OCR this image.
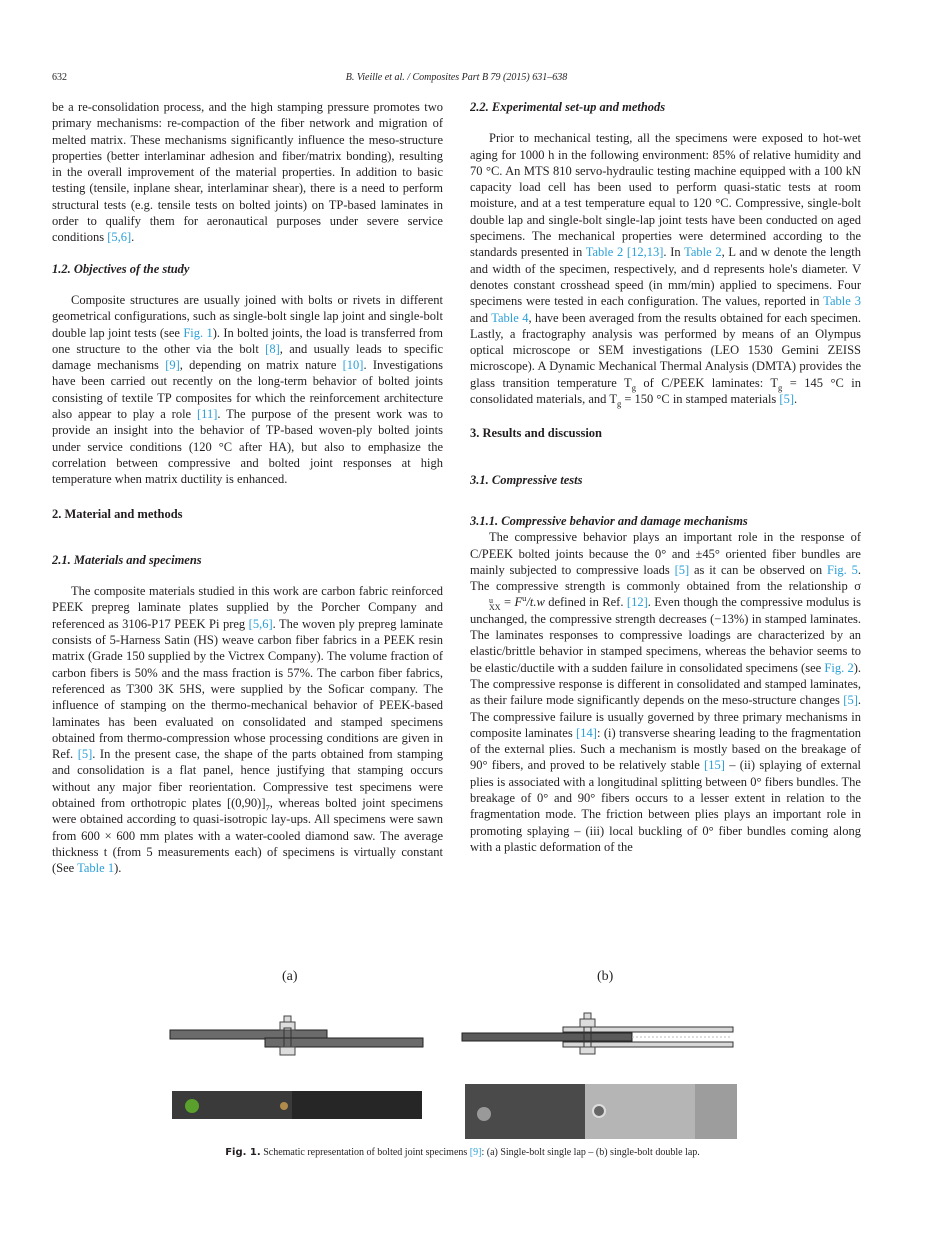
632	B. Vieille et al. / Composites Part B 79 (2015) 631–638

be a re-consolidation process, and the high stamping pressure promotes two primary mechanisms: re-compaction of the fiber network and migration of melted matrix. These mechanisms significantly influence the meso-structure properties (better interlaminar adhesion and fiber/matrix bonding), resulting in the overall improvement of the material properties. In addition to basic testing (tensile, inplane shear, interlaminar shear), there is a need to perform structural tests (e.g. tensile tests on bolted joints) on TP-based laminates in order to qualify them for aeronautical purposes under severe service conditions [5,6].

1.2. Objectives of the study

Composite structures are usually joined with bolts or rivets in different geometrical configurations, such as single-bolt single lap joint and single-bolt double lap joint tests (see Fig. 1). In bolted joints, the load is transferred from one structure to the other via the bolt [8], and usually leads to specific damage mechanisms [9], depending on matrix nature [10]. Investigations have been carried out recently on the long-term behavior of bolted joints consisting of textile TP composites for which the reinforcement architecture also appear to play a role [11]. The purpose of the present work was to provide an insight into the behavior of TP-based woven-ply bolted joints under service conditions (120 °C after HA), but also to emphasize the correlation between compressive and bolted joint responses at high temperature when matrix ductility is enhanced.

2. Material and methods
2.1. Materials and specimens

The composite materials studied in this work are carbon fabric reinforced PEEK prepreg laminate plates supplied by the Porcher Company and referenced as 3106-P17 PEEK Pi preg [5,6]. The woven ply prepreg laminate consists of 5-Harness Satin (HS) weave carbon fiber fabrics in a PEEK resin matrix (Grade 150 supplied by the Victrex Company). The volume fraction of carbon fibers is 50% and the mass fraction is 57%. The carbon fiber fabrics, referenced as T300 3K 5HS, were supplied by the Soficar company. The influence of stamping on the thermo-mechanical behavior of PEEK-based laminates has been evaluated on consolidated and stamped specimens obtained from thermo-compression whose processing conditions are given in Ref. [5]. In the present case, the shape of the parts obtained from stamping and consolidation is a flat panel, hence justifying that stamping occurs without any major fiber reorientation. Compressive test specimens were obtained from orthotropic plates $[(0,90)]_7$, whereas bolted joint specimens were obtained according to quasi-isotropic lay-ups. All specimens were sawn from 600 × 600 mm plates with a water-cooled diamond saw. The average thickness t (from 5 measurements each) of specimens is virtually constant (See Table 1).

2.2. Experimental set-up and methods

Prior to mechanical testing, all the specimens were exposed to hot-wet aging for 1000 h in the following environment: 85% of relative humidity and 70 °C. An MTS 810 servo-hydraulic testing machine equipped with a 100 kN capacity load cell has been used to perform quasi-static tests at room moisture, and at a test temperature equal to 120 °C. Compressive, single-bolt double lap and single-bolt single-lap joint tests have been conducted on aged specimens. The mechanical properties were determined according to the standards presented in Table 2 [12,13]. In Table 2, L and w denote the length and width of the specimen, respectively, and d represents hole's diameter. V denotes constant crosshead speed (in mm/min) applied to specimens. Four specimens were tested in each configuration. The values, reported in Table 3 and Table 4, have been averaged from the results obtained for each specimen. Lastly, a fractography analysis was performed by means of an Olympus optical microscope or SEM investigations (LEO 1530 Gemini ZEISS microscope). A Dynamic Mechanical Thermal Analysis (DMTA) provides the glass transition temperature $T_g$ of C/PEEK laminates: $T_g = 145$ °C in consolidated materials, and $T_g = 150$ °C in stamped materials [5].

3. Results and discussion
3.1. Compressive tests
3.1.1. Compressive behavior and damage mechanisms

The compressive behavior plays an important role in the response of C/PEEK bolted joints because the 0° and ±45° oriented fiber bundles are mainly subjected to compressive loads [5] as it can be observed on Fig. 5. The compressive strength is commonly obtained from the relationship σ
u
XX = $F^u/t.w$ defined in Ref. [12]. Even though the compressive modulus is unchanged, the compressive strength decreases (−13%) in stamped laminates. The laminates responses to compressive loadings are characterized by an elastic/brittle behavior in stamped specimens, whereas the behavior seems to be elastic/ductile with a sudden failure in consolidated specimens (see Fig. 2). The compressive response is different in consolidated and stamped laminates, as their failure mode significantly depends on the meso-structure changes [5]. The compressive failure is usually governed by three primary mechanisms in composite laminates [14]: (i) transverse shearing leading to the fragmentation of the external plies. Such a mechanism is mostly based on the breakage of 90° fibers, and proved to be relatively stable [15] – (ii) splaying of external plies is associated with a longitudinal splitting between 0° fibers bundles. The breakage of 0° and 90° fibers occurs to a lesser extent in relation to the fragmentation mode. The friction between plies plays an important role in promoting splaying – (iii) local buckling of 0° fiber bundles coming along with a plastic deformation of the

(a)	(b)
Fig. 1. Schematic representation of bolted joint specimens [9]: (a) Single-bolt single lap – (b) single-bolt double lap.
